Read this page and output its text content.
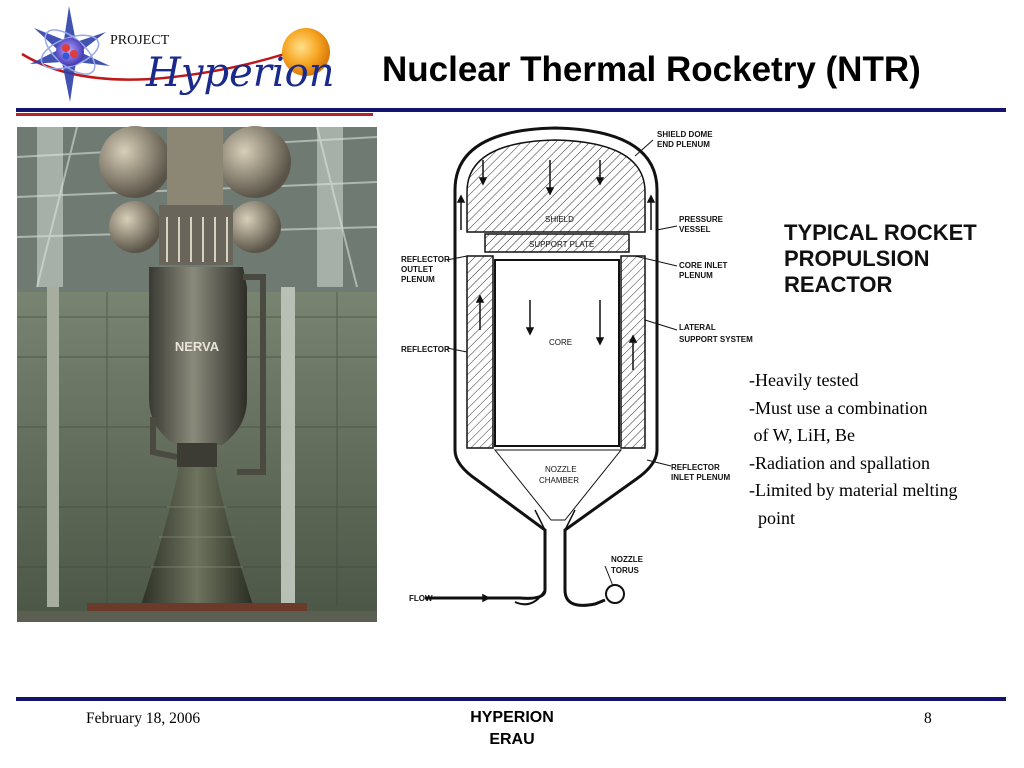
PROJECT
Hyperion Nuclear Thermal Rocketry (NTR)
NERVA
SHIELD DOME
END PLENUM
PRESSURE
VESSEL
CORE INLET
PLENUM
LATERAL
SUPPORT SYSTEM
REFLECTOR
INLET PLENUM
NOZZLE
TORUS
REFLECTOR
OUTLET
PLENUM
REFLECTOR
FLOW
SHIELD
SUPPORT PLATE
CORE
NOZZLE
CHAMBER
TYPICAL ROCKET
PROPULSION
REACTOR
-Heavily tested
-Must use a combination
of W, LiH, Be
-Radiation and spallation
-Limited by material melting
point
February 18, 2006	HYPERION
ERAU
8
